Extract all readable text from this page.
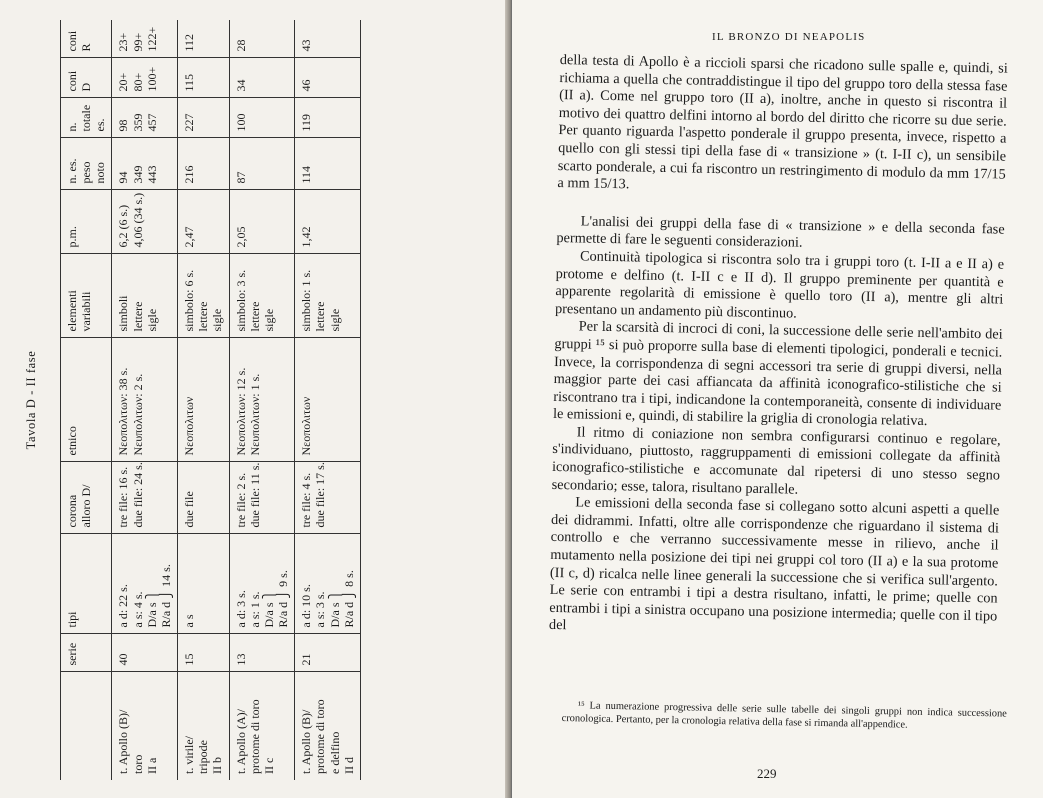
Tavola D - II fase
	serie	tipi	corona alloro D/	etnico	elementi variabili	p.m.	n. es. peso noto	n. totale es.	coni D	coni R

t. Apollo (B)/ toro II a	40	a d: 22 s. a s: 4 s. D/a s ⎫ R/a d ⎭ 14 s.	tre file: 16 s. due file: 24 s.	Νεοπολιτων: 38 s. Νευπολιτων: 2 s.	simboli lettere sigle	6,2 (6 s.) 4,06 (34 s.)	94 349 443	98 359 457	20+ 80+ 100+	23+ 99+ 122+

t. virile/ tripode II b	15	a s	due file	Νεοπολιτων	simbolo: 6 s. lettere sigle	2,47	216	227	115	112

t. Apollo (A)/ protome di toro II c	13	a d: 3 s. a s: 1 s. D/a s ⎫ R/a d ⎭ 9 s.	tre file: 2 s. due file: 11 s.	Νεοπολιτων: 12 s. Νευπολιτων: 1 s.	simbolo: 3 s. lettere sigle	2,05	87	100	34	28

t. Apollo (B)/ protome di toro e delfino II d	21	a d: 10 s. a s: 3 s. D/a s ⎫ R/a d ⎭ 8 s.	tre file: 4 s. due file: 17 s.	Νεοπολιτων	simbolo: 1 s. lettere sigle	1,42	114	119	46	43
IL BRONZO DI NEAPOLIS

della testa di Apollo è a riccioli sparsi che ricadono sulle spalle e, quindi, si richiama a quella che contraddistingue il tipo del gruppo toro della stessa fase (II a). Come nel gruppo toro (II a), inoltre, anche in questo si riscontra il motivo dei quattro delfini intorno al bordo del diritto che ricorre su due serie. Per quanto riguarda l'aspetto ponderale il gruppo presenta, invece, rispetto a quello con gli stessi tipi della fase di « transizione » (t. I-II c), un sensibile scarto ponderale, a cui fa riscontro un restringimento di modulo da mm 17/15 a mm 15/13.

L'analisi dei gruppi della fase di « transizione » e della seconda fase permette di fare le seguenti considerazioni.

Continuità tipologica si riscontra solo tra i gruppi toro (t. I-II a e II a) e protome e delfino (t. I-II c e II d). Il gruppo preminente per quantità e apparente regolarità di emissione è quello toro (II a), mentre gli altri presentano un andamento più discontinuo.

Per la scarsità di incroci di coni, la successione delle serie nell'ambito dei gruppi ¹⁵ si può proporre sulla base di elementi tipologici, ponderali e tecnici. Invece, la corrispondenza di segni accessori tra serie di gruppi diversi, nella maggior parte dei casi affiancata da affinità iconografico-stilistiche che si riscontrano tra i tipi, indicandone la contemporaneità, consente di individuare le emissioni e, quindi, di stabilire la griglia di cronologia relativa.

Il ritmo di coniazione non sembra configurarsi continuo e regolare, s'individuano, piuttosto, raggruppamenti di emissioni collegate da affinità iconografico-stilistiche e accomunate dal ripetersi di uno stesso segno secondario; esse, talora, risultano parallele.

Le emissioni della seconda fase si collegano sotto alcuni aspetti a quelle dei didrammi. Infatti, oltre alle corrispondenze che riguardano il sistema di controllo e che verranno successivamente messe in rilievo, anche il mutamento nella posizione dei tipi nei gruppi col toro (II a) e la sua protome (II c, d) ricalca nelle linee generali la successione che si verifica sull'argento. Le serie con entrambi i tipi a destra risultano, infatti, le prime; quelle con entrambi i tipi a sinistra occupano una posizione intermedia; quelle con il tipo del

¹⁵ La numerazione progressiva delle serie sulle tabelle dei singoli gruppi non indica successione cronologica. Pertanto, per la cronologia relativa della fase si rimanda all'appendice.

229
